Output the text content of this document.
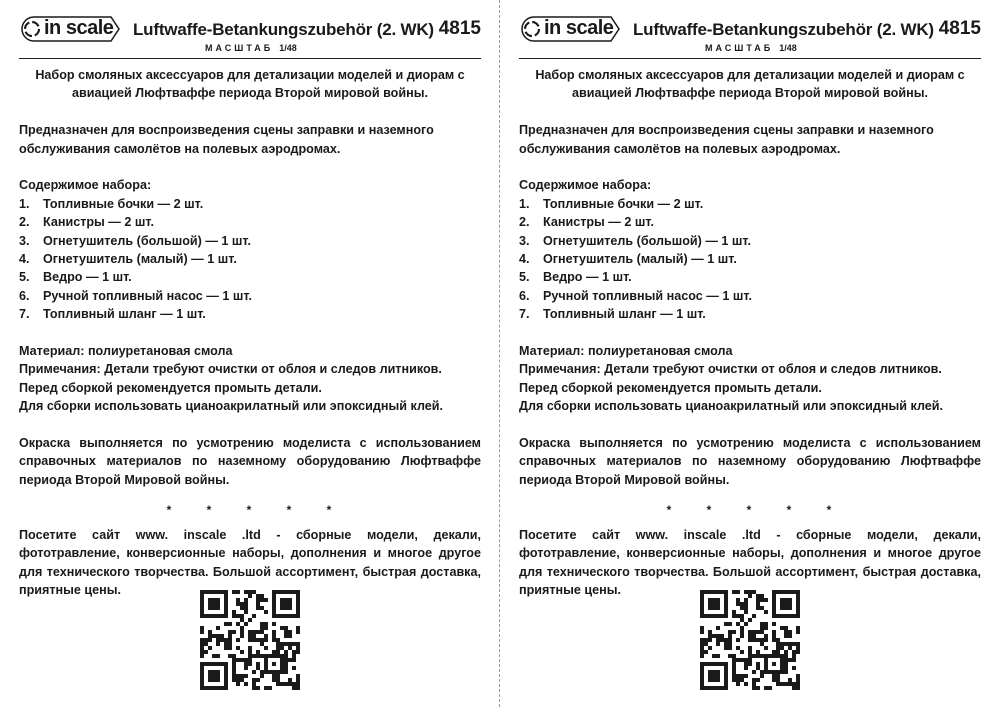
in scale Luftwaffe-Betankungszubehör (2. WK) 4815
МАСШТАБ 1/48
Набор смоляных аксессуаров для детализации моделей и диорам с
авиацией Люфтваффе периода Второй мировой войны.
Предназначен для воспроизведения сцены заправки и наземного
обслуживания самолётов на полевых аэродромах.
Содержимое набора:
1.	Топливные бочки — 2 шт.
2.	Канистры — 2 шт.
3.	Огнетушитель (большой) — 1 шт.
4.	Огнетушитель (малый) — 1 шт.
5.	Ведро — 1 шт.
6.	Ручной топливный насос — 1 шт.
7.	Топливный шланг — 1 шт.
Материал: полиуретановая смола
Примечания: Детали требуют очистки от облоя и следов литников.
Перед сборкой рекомендуется промыть детали.
Для сборки использовать цианоакрилатный или эпоксидный клей.
Окраска выполняется по усмотрению моделиста с использованием справочных материалов по наземному оборудованию Люфтваффе периода Второй Мировой войны.
* * * * *
Посетите сайт www. inscale .ltd - сборные модели, декали, фототравление, конверсионные наборы, дополнения и многое другое для технического творчества. Большой ассортимент, быстрая доставка, приятные цены.
in scale Luftwaffe-Betankungszubehör (2. WK) 4815
МАСШТАБ 1/48
Набор смоляных аксессуаров для детализации моделей и диорам с
авиацией Люфтваффе периода Второй мировой войны.
Предназначен для воспроизведения сцены заправки и наземного
обслуживания самолётов на полевых аэродромах.
Содержимое набора:
1.	Топливные бочки — 2 шт.
2.	Канистры — 2 шт.
3.	Огнетушитель (большой) — 1 шт.
4.	Огнетушитель (малый) — 1 шт.
5.	Ведро — 1 шт.
6.	Ручной топливный насос — 1 шт.
7.	Топливный шланг — 1 шт.
Материал: полиуретановая смола
Примечания: Детали требуют очистки от облоя и следов литников.
Перед сборкой рекомендуется промыть детали.
Для сборки использовать цианоакрилатный или эпоксидный клей.
Окраска выполняется по усмотрению моделиста с использованием справочных материалов по наземному оборудованию Люфтваффе периода Второй Мировой войны.
* * * * *
Посетите сайт www. inscale .ltd - сборные модели, декали, фототравление, конверсионные наборы, дополнения и многое другое для технического творчества. Большой ассортимент, быстрая доставка, приятные цены.
